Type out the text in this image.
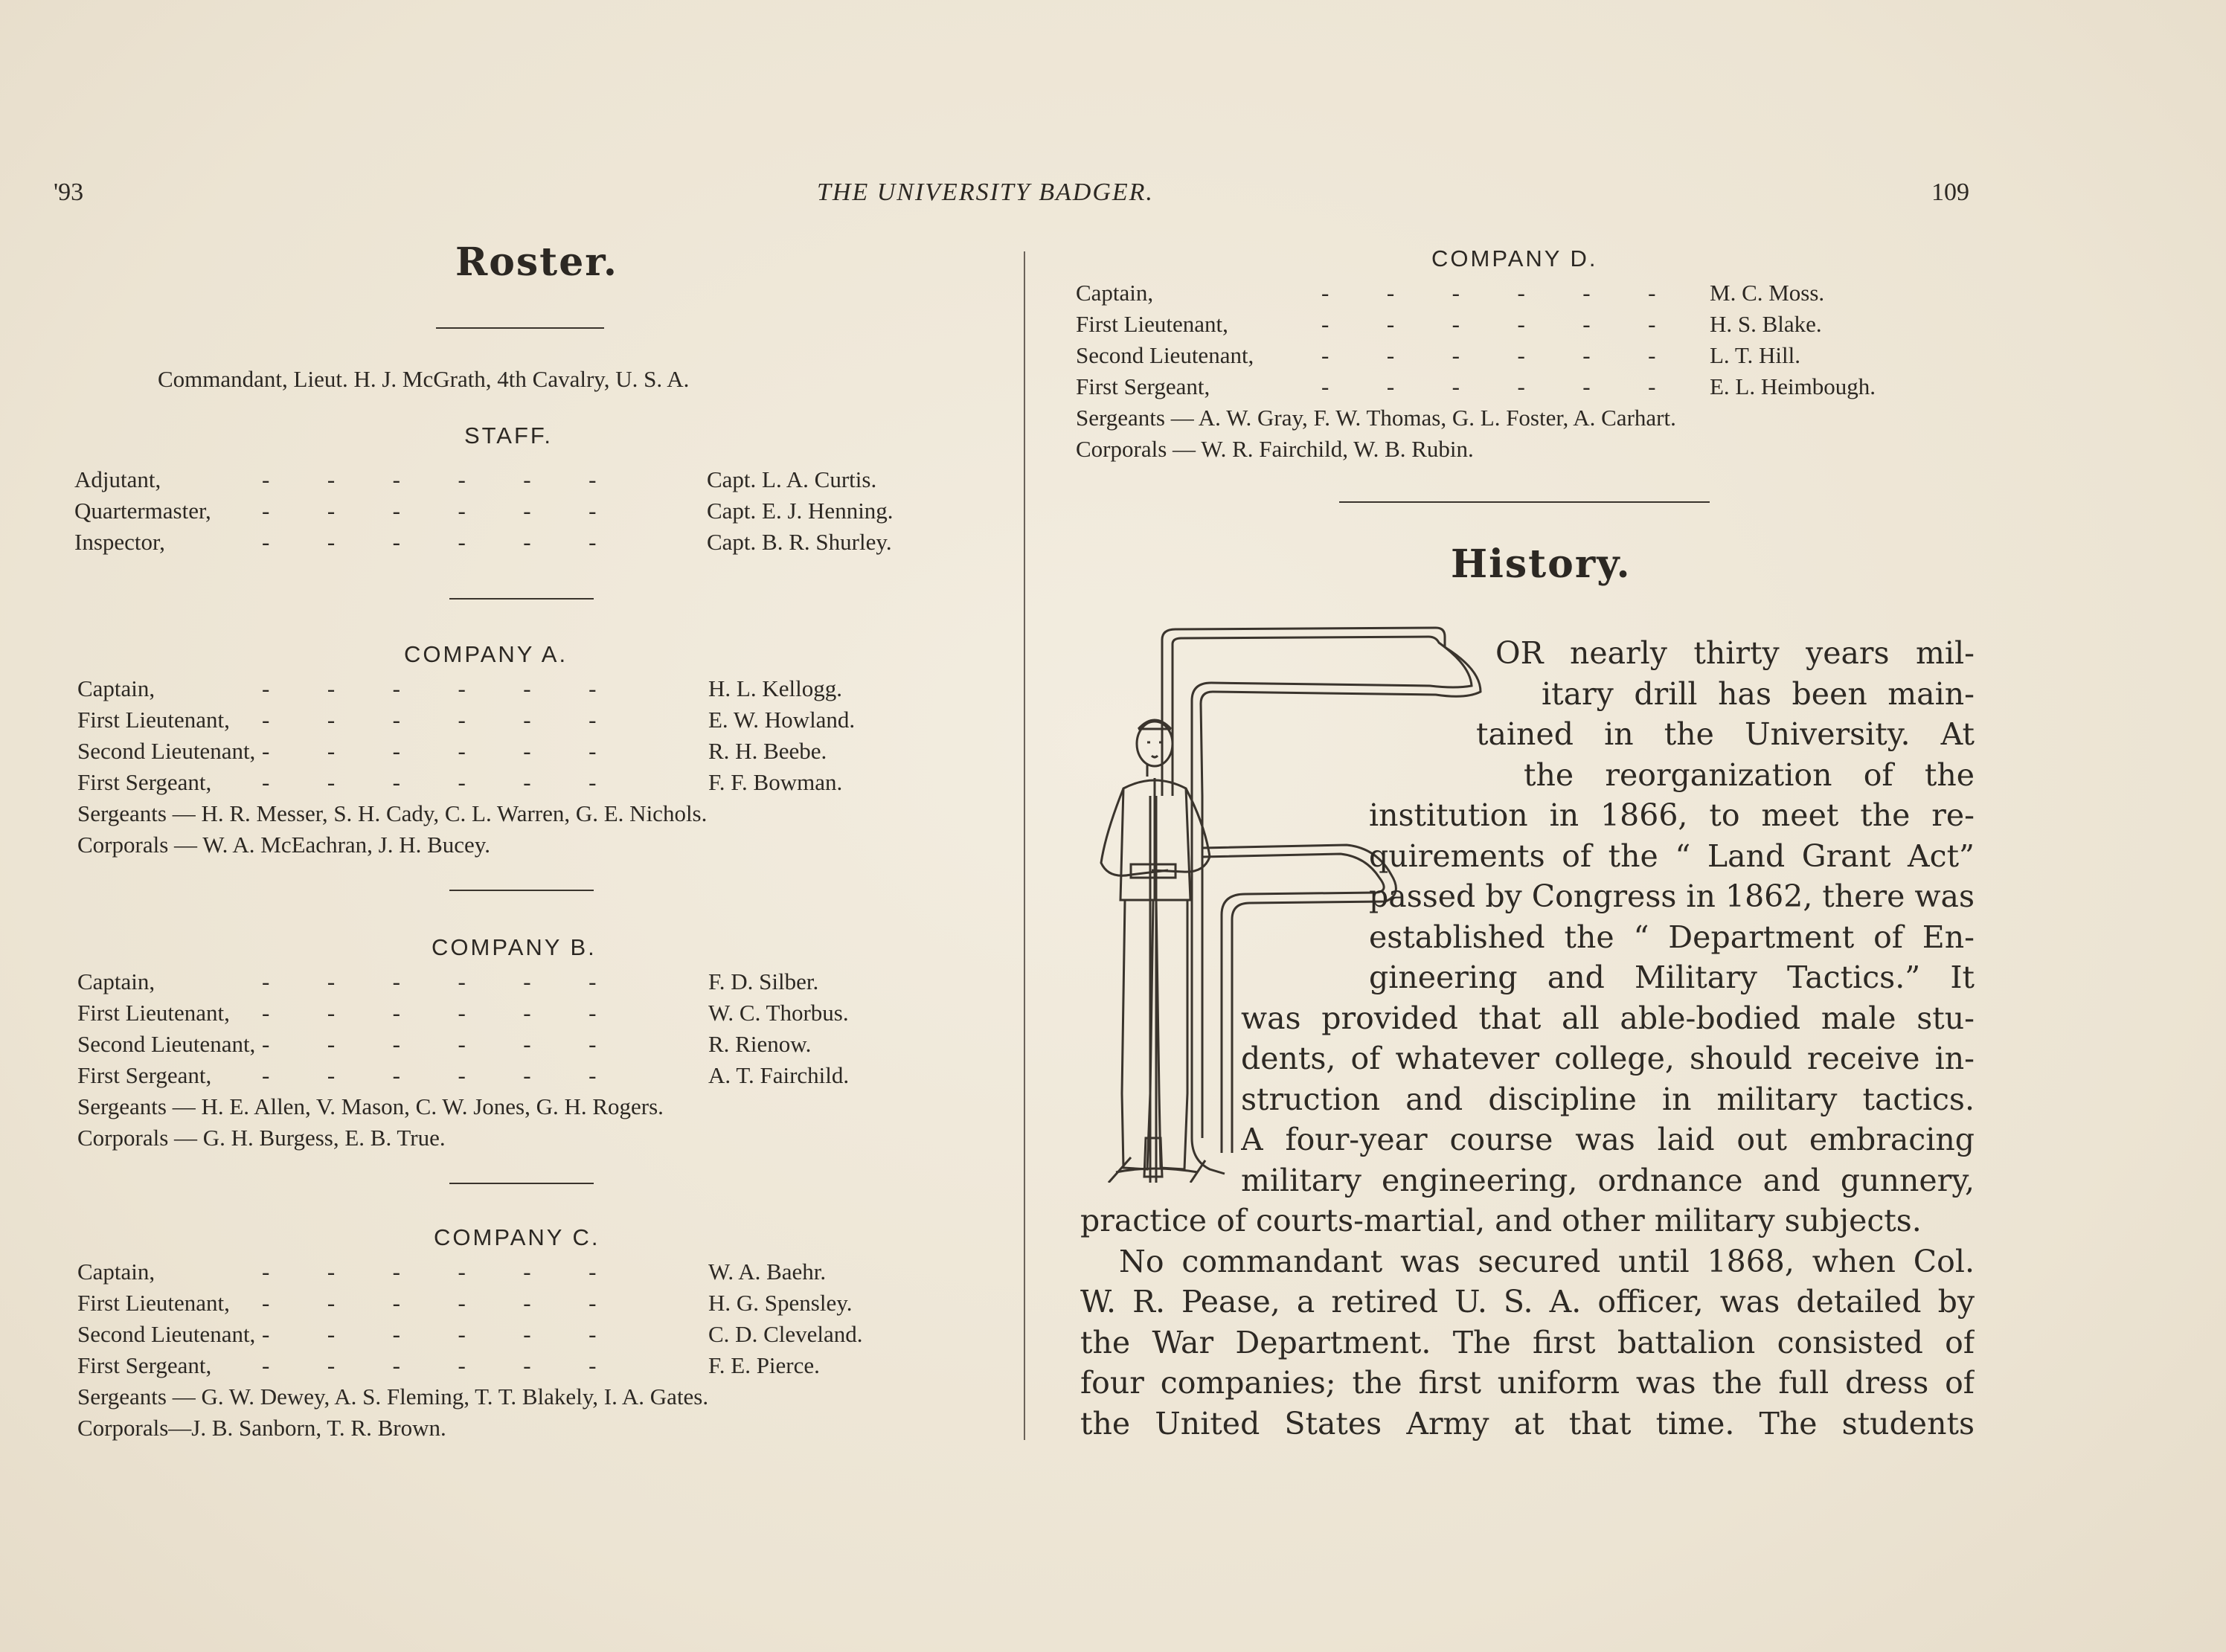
'93	THE UNIVERSITY BADGER.	109
Roster.
Commandant, Lieut. H. J. McGrath, 4th Cavalry, U. S. A.
STAFF.
Adjutant,	-   -   -   -   -   -	Capt. L. A. Curtis.
Quartermaster, -   -   -   -   -   -	Capt. E. J. Henning.
Inspector,	-   -   -   -   -   -	Capt. B. R. Shurley.
COMPANY A.
Captain,	-   -   -   -   -   -	H. L. Kellogg.
First Lieutenant, -   -   -   -   -   -	E. W. Howland.
Second Lieutenant, -   -   -   -   -   -	R. H. Beebe.
First Sergeant, -   -   -   -   -   -	F. F. Bowman.
Sergeants — H. R. Messer, S. H. Cady, C. L. Warren, G. E. Nichols.
Corporals — W. A. McEachran, J. H. Bucey.
COMPANY B.
Captain,	-   -   -   -   -   -	F. D. Silber.
First Lieutenant, -   -   -   -   -   -	W. C. Thorbus.
Second Lieutenant, -   -   -   -   -   -	R. Rienow.
First Sergeant, -   -   -   -   -   -	A. T. Fairchild.
Sergeants — H. E. Allen, V. Mason, C. W. Jones, G. H. Rogers.
Corporals — G. H. Burgess, E. B. True.
COMPANY C.
Captain,	-   -   -   -   -   -	W. A. Baehr.
First Lieutenant, -   -   -   -   -   -	H. G. Spensley.
Second Lieutenant, -   -   -   -   -   -	C. D. Cleveland.
First Sergeant, -   -   -   -   -   -	F. E. Pierce.
Sergeants — G. W. Dewey, A. S. Fleming, T. T. Blakely, I. A. Gates.
Corporals—J. B. Sanborn, T. R. Brown.
COMPANY D.
Captain,	-   -   -   -   -   - M. C. Moss.
First Lieutenant,	-   -   -   -   -   - H. S. Blake.
Second Lieutenant,	-   -   -   -   -   - L. T. Hill.
First Sergeant,	-   -   -   -   -   - E. L. Heimbough.
Sergeants — A. W. Gray, F. W. Thomas, G. L. Foster, A. Carhart.
Corporals — W. R. Fairchild, W. B. Rubin.
History.
OR nearly thirty years mil-
itary drill has been main-
tained in the University. At
the reorganization of the
institution in 1866, to meet the re-
quirements of the “ Land Grant Act”
passed by Congress in 1862, there was
established the “ Department of En-
gineering and Military Tactics.” It
was provided that all able-bodied male stu-
dents, of whatever college, should receive in-
struction and discipline in military tactics.
A four-year course was laid out embracing
military engineering, ordnance and gunnery,
practice of courts-martial, and other military subjects.
No commandant was secured until 1868, when Col.
W. R. Pease, a retired U. S. A. officer, was detailed by
the War Department. The first battalion consisted of
four companies; the first uniform was the full dress of
the United States Army at that time. The students
